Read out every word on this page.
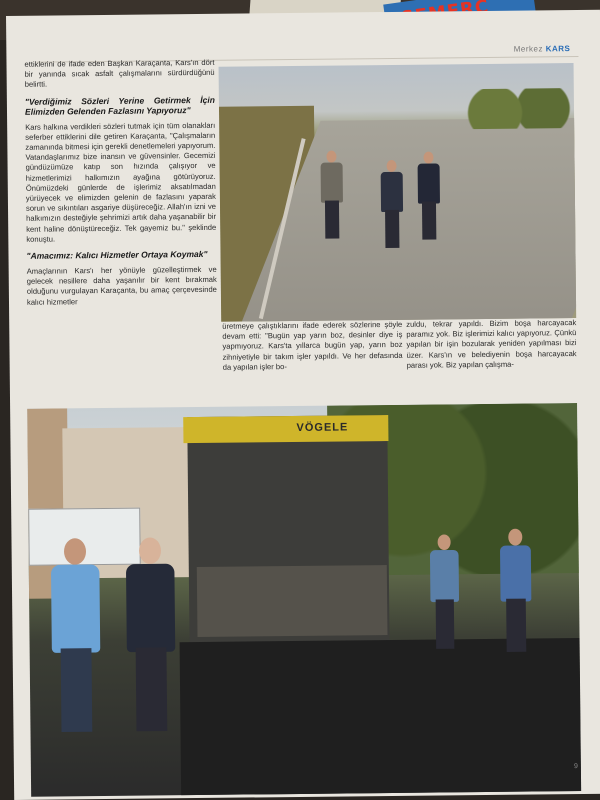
Merkez KARS

ettiklerini de ifade eden Başkan Karaçanta, Kars'ın dört bir yanında sıcak asfalt çalışmalarını sürdürdüğünü belirtti.

"Verdiğimiz Sözleri Yerine Getirmek İçin Elimizden Gelenden Fazlasını Yapıyoruz"

Kars halkına verdikleri sözleri tutmak için tüm olanakları seferber ettiklerini dile getiren Karaçanta, "Çalışmaların zamanında bitmesi için gerekli denetlemeleri yapıyorum. Vatandaşlarımız bize inansın ve güvensinler. Gecemizi gündüzümüze katıp son hızında çalışıyor ve hizmetlerimizi halkımızın ayağına götürüyoruz. Önümüzdeki günlerde de işlerimiz aksatılmadan yürüyecek ve elimizden gelenin de fazlasını yaparak sorun ve sıkıntıları asgariye düşüreceğiz. Allah'ın izni ve halkımızın desteğiyle şehrimizi artık daha yaşanabilir bir kent haline dönüştüreceğiz. Tek gayemiz bu." şeklinde konuştu.

"Amacımız: Kalıcı Hizmetler Ortaya Koymak"

Amaçlarının Kars'ı her yönüyle güzelleştirmek ve gelecek nesillere daha yaşanılır bir kent bırakmak olduğunu vurgulayan Karaçanta, bu amaç çerçevesinde kalıcı hizmetler

üretmeye çalıştıklarını ifade ederek sözlerine şöyle devam etti: "Bugün yap yarın boz, desinler diye iş yapmıyoruz. Kars'ta yıllarca bugün yap, yarın boz zihniyetiyle bir takım işler yapıldı. Ve her defasında da yapılan işler bo-

zuldu, tekrar yapıldı. Bizim boşa harcayacak paramız yok. Biz işlerimizi kalıcı yapıyoruz. Çünkü yapılan bir işin bozularak yeniden yapılması bizi üzer. Kars'ın ve belediyenin boşa harcayacak parası yok. Biz yapılan çalışma-

VÖGELE
9
